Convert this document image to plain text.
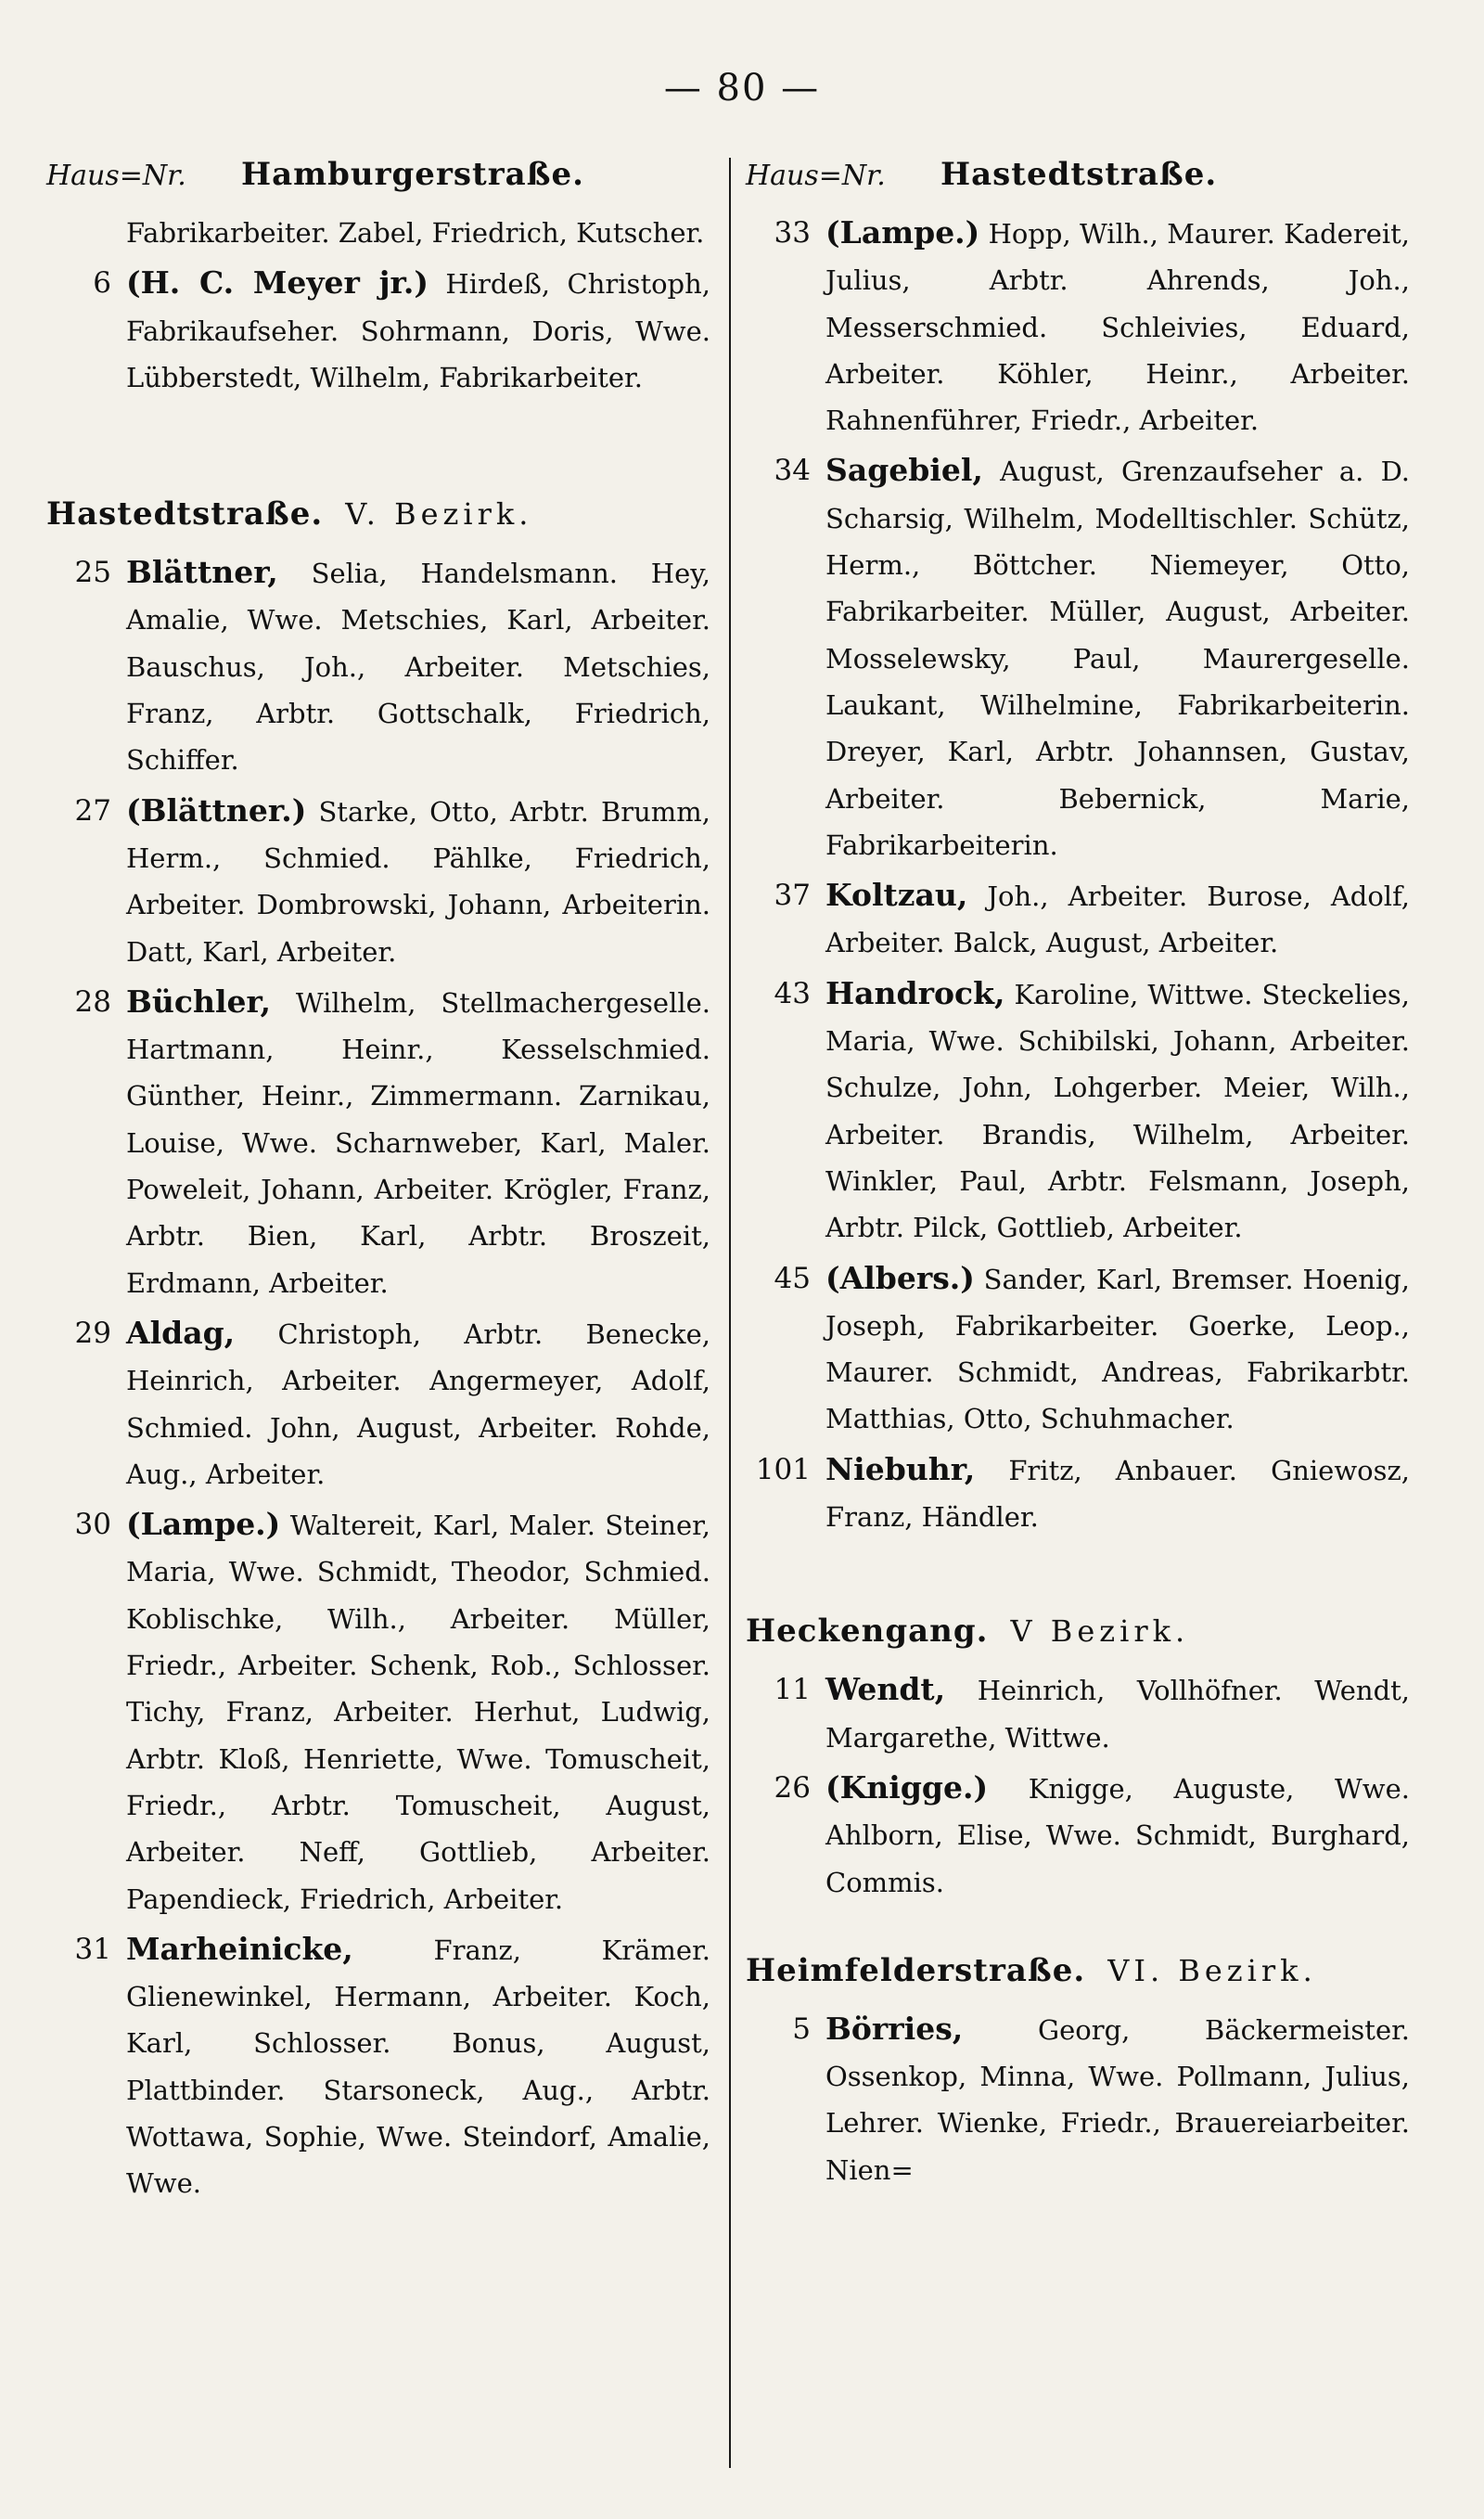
— 80 —
Haus=Nr.	Hamburgerstraße.
Fabrikarbeiter. Zabel, Friedrich, Kutscher.
6 (H. C. Meyer jr.) Hirdeß, Christoph, Fabrikaufseher. Sohrmann, Doris, Wwe. Lübberstedt, Wilhelm, Fabrikarbeiter.
Hastedtstraße. V. Bezirk.
25 Blättner, Selia, Handelsmann. Hey, Amalie, Wwe. Metschies, Karl, Arbeiter. Bauschus, Joh., Arbeiter. Metschies, Franz, Arbtr. Gottschalk, Friedrich, Schiffer.
27 (Blättner.) Starke, Otto, Arbtr. Brumm, Herm., Schmied. Pählke, Friedrich, Arbeiter. Dombrowski, Johann, Arbeiterin. Datt, Karl, Arbeiter.
28 Büchler, Wilhelm, Stellmachergeselle. Hartmann, Heinr., Kesselschmied. Günther, Heinr., Zimmermann. Zarnikau, Louise, Wwe. Scharnweber, Karl, Maler. Poweleit, Johann, Arbeiter. Krögler, Franz, Arbtr. Bien, Karl, Arbtr. Broszeit, Erdmann, Arbeiter.
29 Aldag, Christoph, Arbtr. Benecke, Heinrich, Arbeiter. Angermeyer, Adolf, Schmied. John, August, Arbeiter. Rohde, Aug., Arbeiter.
30 (Lampe.) Waltereit, Karl, Maler. Steiner, Maria, Wwe. Schmidt, Theodor, Schmied. Koblischke, Wilh., Arbeiter. Müller, Friedr., Arbeiter. Schenk, Rob., Schlosser. Tichy, Franz, Arbeiter. Herhut, Ludwig, Arbtr. Kloß, Henriette, Wwe. Tomuscheit, Friedr., Arbtr. Tomuscheit, August, Arbeiter. Neff, Gottlieb, Arbeiter. Papendieck, Friedrich, Arbeiter.
31 Marheinicke,	Franz, Krämer. Glienewinkel, Hermann, Arbeiter. Koch, Karl, Schlosser. Bonus, August, Plattbinder. Starsoneck, Aug., Arbtr. Wottawa, Sophie, Wwe. Steindorf, Amalie, Wwe.
Haus=Nr.	Hastedtstraße.
33 (Lampe.) Hopp, Wilh., Maurer. Kadereit, Julius, Arbtr. Ahrends, Joh., Messerschmied. Schleivies, Eduard, Arbeiter. Köhler, Heinr., Arbeiter. Rahnenführer, Friedr., Arbeiter.
34 Sagebiel, August, Grenzaufseher a. D. Scharsig, Wilhelm, Modelltischler. Schütz, Herm., Böttcher. Niemeyer, Otto, Fabrikarbeiter. Müller, August, Arbeiter. Mosselewsky, Paul, Maurergeselle. Laukant, Wilhelmine, Fabrikarbeiterin. Dreyer, Karl, Arbtr. Johannsen, Gustav, Arbeiter. Bebernick, Marie, Fabrikarbeiterin.
37 Koltzau, Joh., Arbeiter. Burose, Adolf, Arbeiter. Balck, August, Arbeiter.
43 Handrock, Karoline, Wittwe. Steckelies, Maria, Wwe. Schibilski, Johann, Arbeiter. Schulze, John, Lohgerber. Meier, Wilh., Arbeiter. Brandis, Wilhelm, Arbeiter. Winkler, Paul, Arbtr. Felsmann, Joseph, Arbtr. Pilck, Gottlieb, Arbeiter.
45 (Albers.) Sander, Karl, Bremser. Hoenig, Joseph, Fabrikarbeiter. Goerke, Leop., Maurer. Schmidt, Andreas, Fabrikarbtr. Matthias, Otto, Schuhmacher.
101 Niebuhr, Fritz, Anbauer. Gniewosz, Franz, Händler.
Heckengang. V Bezirk.
11 Wendt, Heinrich, Vollhöfner. Wendt, Margarethe, Wittwe.
26 (Knigge.) Knigge, Auguste, Wwe. Ahlborn, Elise, Wwe. Schmidt, Burghard, Commis.
Heimfelderstraße. VI. Bezirk.
5 Börries,	Georg, Bäckermeister. Ossenkop, Minna, Wwe. Pollmann, Julius, Lehrer. Wienke, Friedr., Brauereiarbeiter. Nien=
